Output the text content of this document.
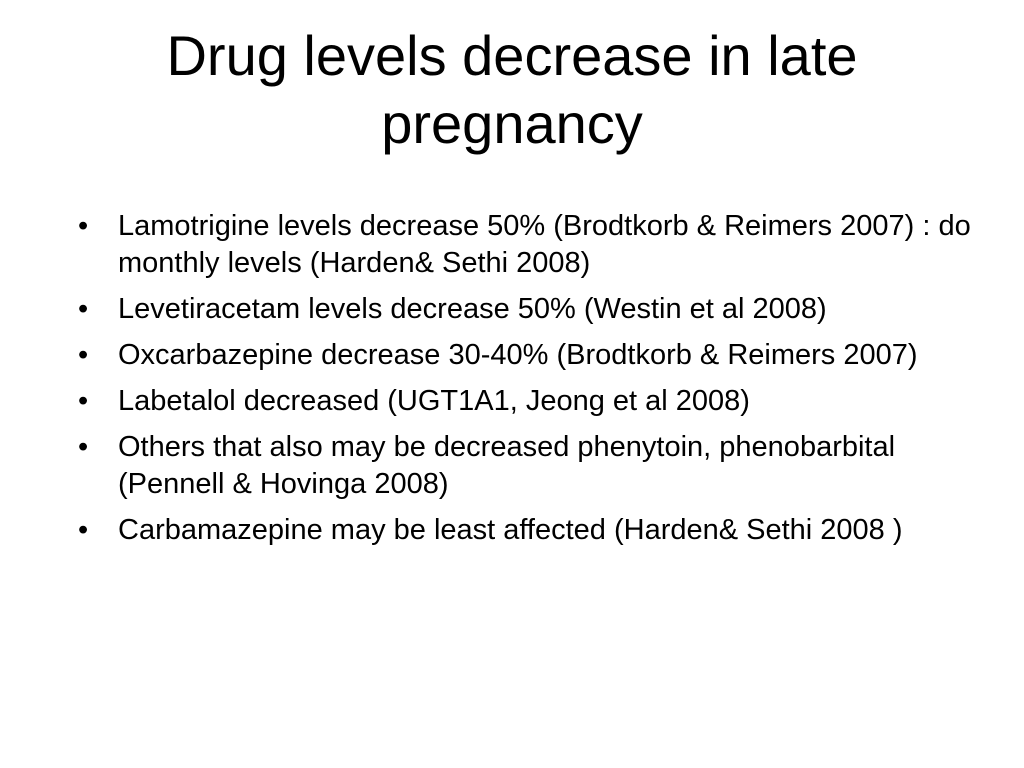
Drug levels decrease in late pregnancy
•	Lamotrigine levels decrease 50% (Brodtkorb & Reimers 2007) : do monthly levels (Harden& Sethi 2008)
•	Levetiracetam levels decrease 50% (Westin et al 2008)
•	Oxcarbazepine decrease 30-40% (Brodtkorb & Reimers 2007)
•	Labetalol decreased (UGT1A1, Jeong et al 2008)
•	Others that also may be decreased phenytoin, phenobarbital (Pennell & Hovinga 2008)
•	Carbamazepine may be least affected (Harden& Sethi 2008 )
